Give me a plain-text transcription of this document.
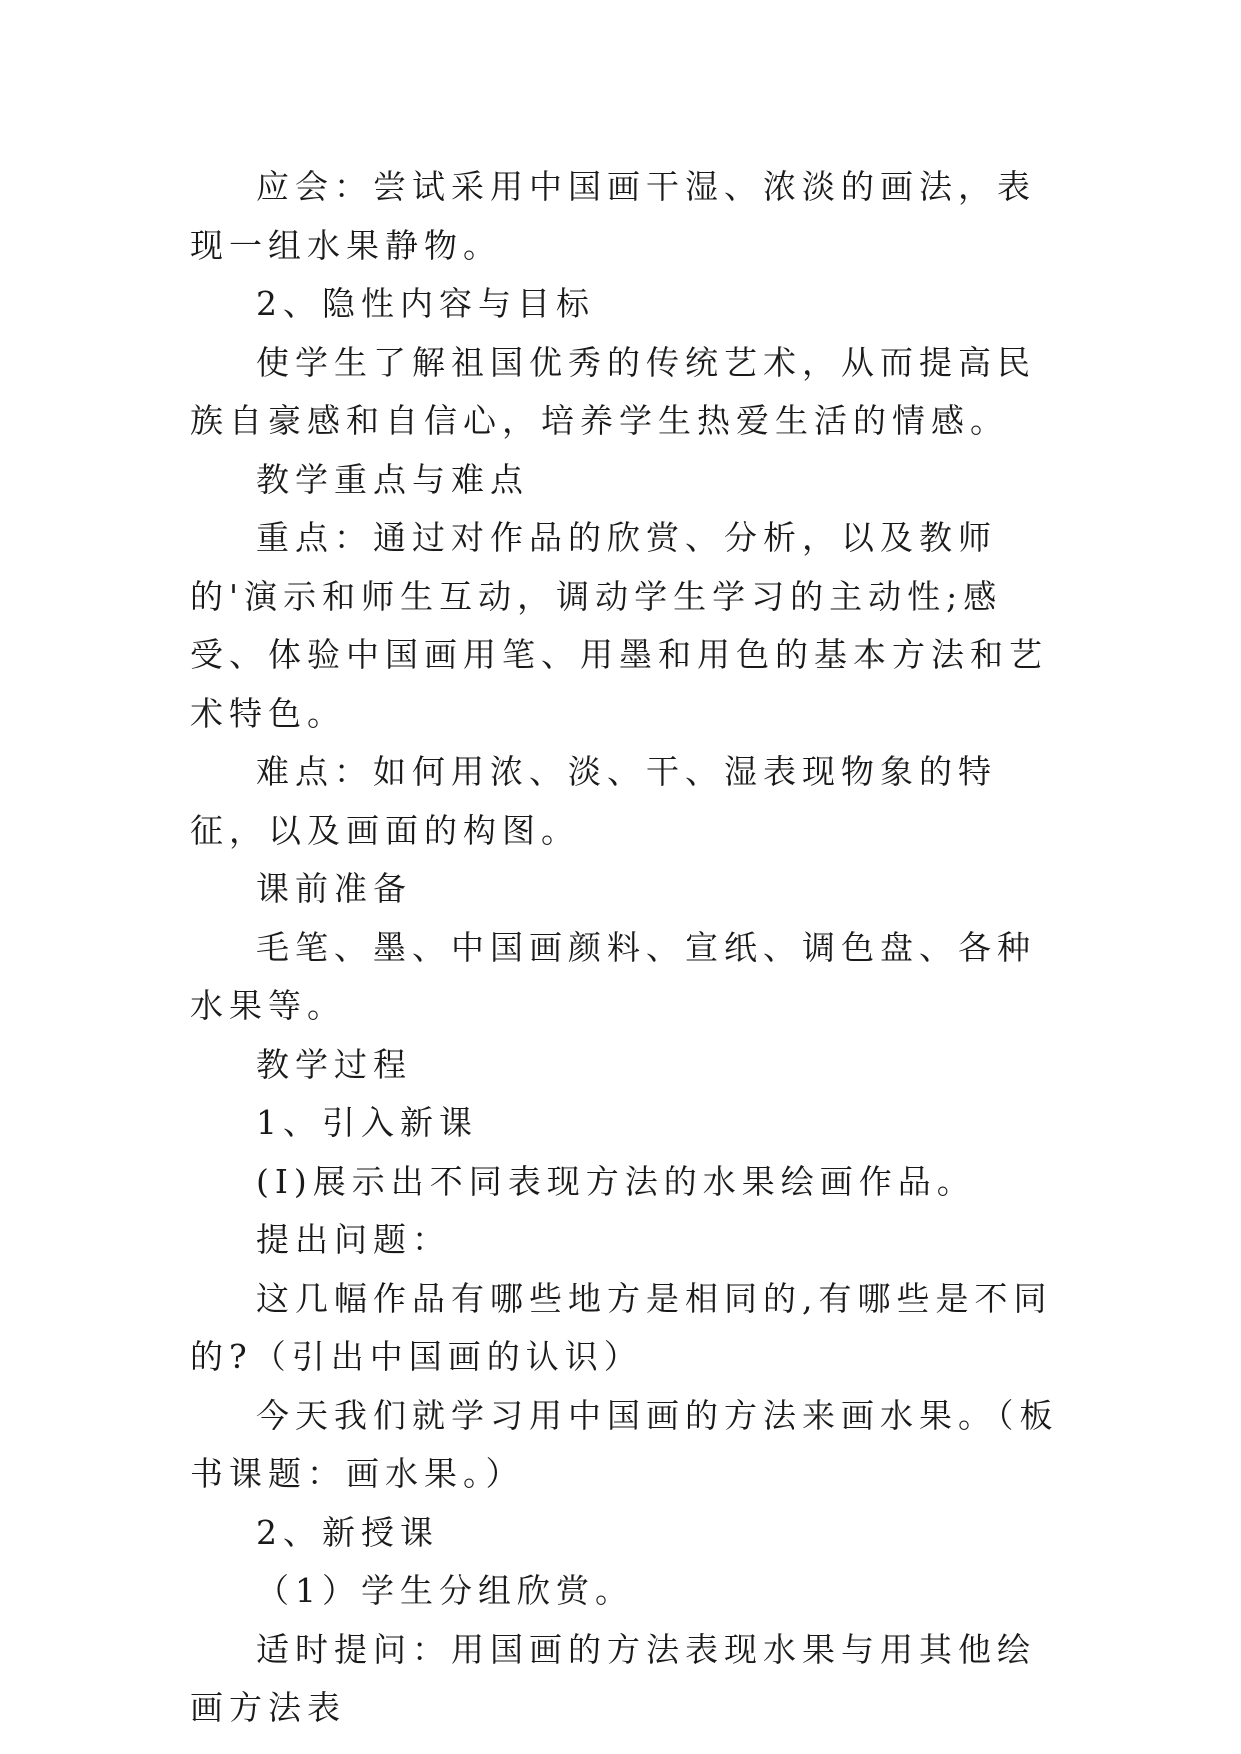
应会：尝试采用中国画干湿、浓淡的画法，表现一组水果静物。

2、隐性内容与目标

使学生了解祖国优秀的传统艺术，从而提高民族自豪感和自信心，培养学生热爱生活的情感。

教学重点与难点

重点：通过对作品的欣赏、分析，以及教师的'演示和师生互动，调动学生学习的主动性;感受、体验中国画用笔、用墨和用色的基本方法和艺术特色。

难点：如何用浓、淡、干、湿表现物象的特征，以及画面的构图。

课前准备

毛笔、墨、中国画颜料、宣纸、调色盘、各种水果等。

教学过程

1、引入新课

(I)展示出不同表现方法的水果绘画作品。

提出问题：

这几幅作品有哪些地方是相同的,有哪些是不同的?（引出中国画的认识）

今天我们就学习用中国画的方法来画水果。（板书课题：画水果。）

2、新授课

（1）学生分组欣赏。

适时提问：用国画的方法表现水果与用其他绘画方法表
